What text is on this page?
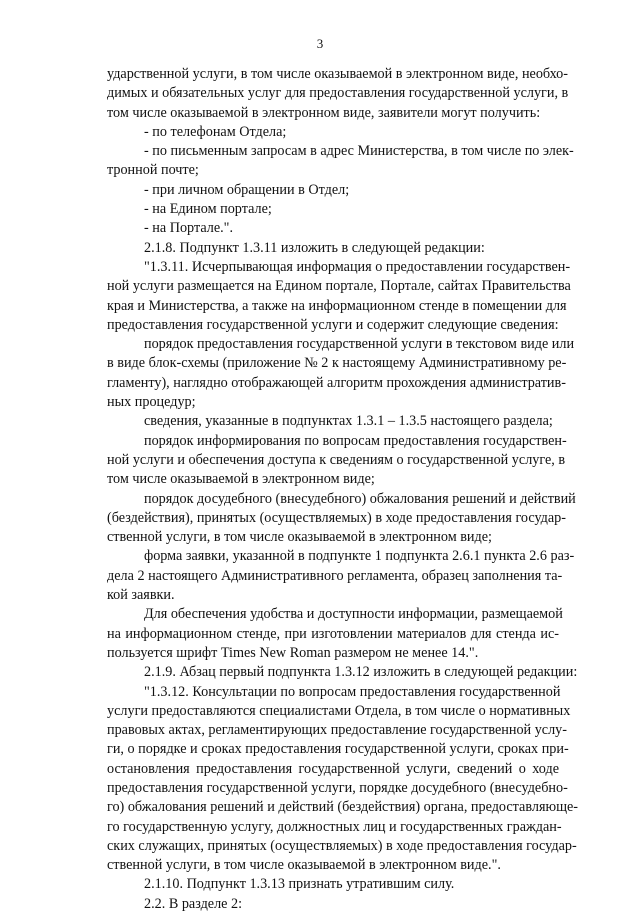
3
ударственной услуги, в том числе оказываемой в электронном виде, необхо-
димых и обязательных услуг для предоставления государственной услуги, в
том числе оказываемой в электронном виде, заявители могут получить:
- по телефонам Отдела;
- по письменным запросам в адрес Министерства, в том числе по элек-
тронной почте;
- при личном обращении в Отдел;
- на Едином портале;
- на Портале.".
2.1.8. Подпункт 1.3.11 изложить в следующей редакции:
"1.3.11. Исчерпывающая информация о предоставлении государствен-
ной услуги размещается на Едином портале, Портале, сайтах Правительства
края и Министерства, а также на информационном стенде в помещении для
предоставления государственной услуги и содержит следующие сведения:
порядок предоставления государственной услуги в текстовом виде или
в виде блок-схемы (приложение № 2 к настоящему Административному ре-
гламенту), наглядно отображающей алгоритм прохождения административ-
ных процедур;
сведения, указанные в подпунктах 1.3.1 – 1.3.5 настоящего раздела;
порядок информирования по вопросам предоставления государствен-
ной услуги и обеспечения доступа к сведениям о государственной услуге, в
том числе оказываемой в электронном виде;
порядок досудебного (внесудебного) обжалования решений и действий
(бездействия), принятых (осуществляемых) в ходе предоставления государ-
ственной услуги, в том числе оказываемой в электронном виде;
форма заявки, указанной в подпункте 1 подпункта 2.6.1 пункта 2.6 раз-
дела 2 настоящего Административного регламента, образец заполнения та-
кой заявки.
Для обеспечения удобства и доступности информации, размещаемой
на информационном стенде, при изготовлении материалов для стенда ис-
пользуется шрифт Times New Roman размером не менее 14.".
2.1.9. Абзац первый подпункта 1.3.12 изложить в следующей редакции:
"1.3.12. Консультации по вопросам предоставления государственной
услуги предоставляются специалистами Отдела, в том числе о нормативных
правовых актах, регламентирующих предоставление государственной услу-
ги, о порядке и сроках предоставления государственной услуги, сроках при-
остановления предоставления государственной услуги, сведений о ходе
предоставления государственной услуги, порядке досудебного (внесудебно-
го) обжалования решений и действий (бездействия) органа, предоставляюще-
го государственную услугу, должностных лиц и государственных граждан-
ских служащих, принятых (осуществляемых) в ходе предоставления государ-
ственной услуги, в том числе оказываемой в электронном виде.".
2.1.10. Подпункт 1.3.13 признать утратившим силу.
2.2. В разделе 2:
